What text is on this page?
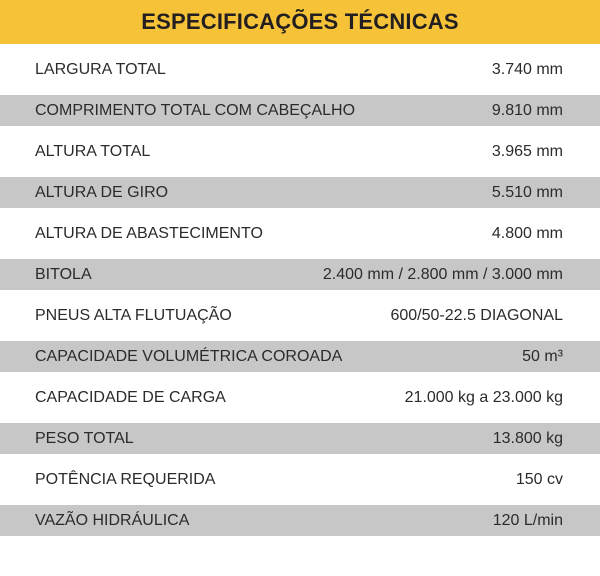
ESPECIFICAÇÕES TÉCNICAS
LARGURA TOTAL	3.740 mm
COMPRIMENTO TOTAL COM CABEÇALHO	9.810 mm
ALTURA TOTAL	3.965 mm
ALTURA DE GIRO	5.510 mm
ALTURA DE ABASTECIMENTO	4.800 mm
BITOLA	2.400 mm / 2.800 mm / 3.000 mm
PNEUS ALTA FLUTUAÇÃO	600/50-22.5 DIAGONAL
CAPACIDADE VOLUMÉTRICA COROADA	50 m³
CAPACIDADE DE CARGA	21.000 kg a 23.000 kg
PESO TOTAL	13.800 kg
POTÊNCIA REQUERIDA	150 cv
VAZÃO HIDRÁULICA	120 L/min
